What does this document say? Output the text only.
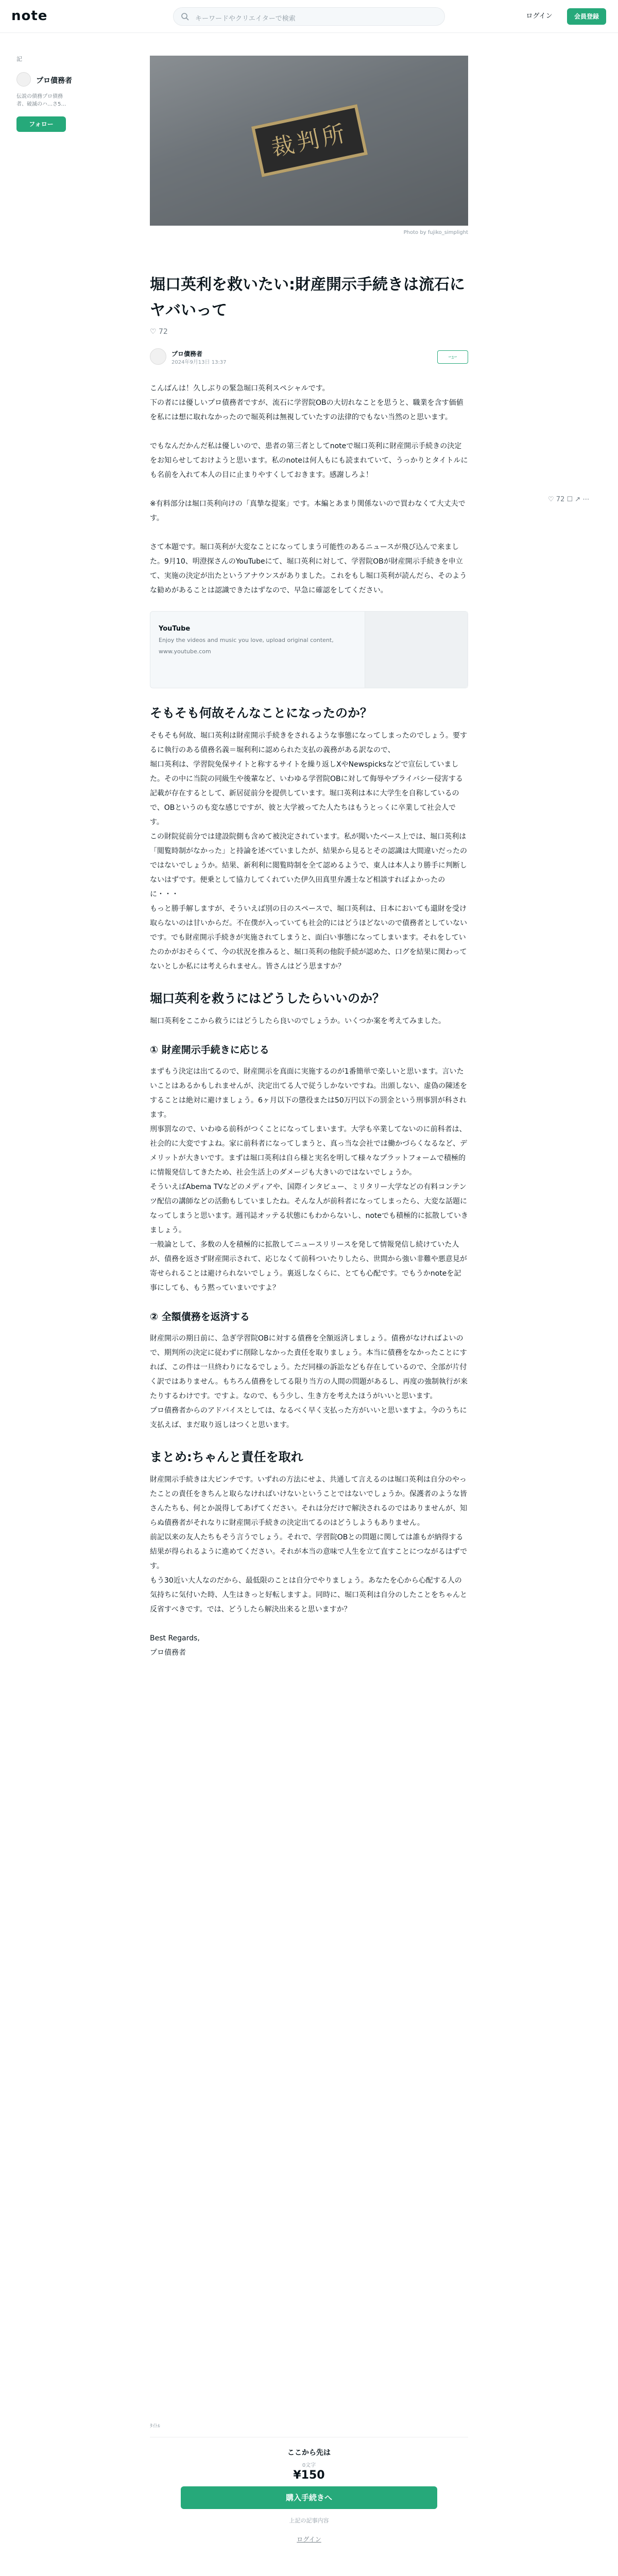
note	キーワードやクリエイターで検索	ログイン	会員登録
記
プロ債務者
伝説の債務プロ債務者、破滅のハ…さ5…
フォロー	裁判所
Photo by fujiko_simplight
堀口英利を救いたい:財産開示手続きは流石にヤバいって
♡ 72
プロ債務者
2024年9月13日 13:37
ｰｭｰ
♡ 72 ☐ ↗ ⋯

こんばんは！久しぶりの緊急堀口英利スペシャルです。

下の者には優しいプロ債務者ですが、流石に学習院OBの大切れなことを思うと、職業を含す価値を私には想に取れなかったので堀英利は無視していたすの法律的でもない当然のと思います。

でもなんだかんだ私は優しいので、患者の第三者としてnoteで堀口英利に財産開示手続きの決定をお知らせしておけようと思います。私のnoteは何人もにも読まれていて、うっかりとタイトルにも名前を入れて本人の目に止まりやすくしておきます。感謝しろよ！

※有料部分は堀口英利向けの「真摯な提案」です。本編とあまり関係ないので買わなくて大丈夫です。

さて本題です。堀口英利が大変なことになってしまう可能性のあるニュースが飛び込んで来ました。9月10、明澄探さんのYouTubeにて、堀口英利に対して、学習院OBが財産開示手続きを申立て、実施の決定が出たというアナウンスがありました。これをもし堀口英利が読んだら、そのような勧めがあることは認識できたはずなので、早急に確認をしてください。

YouTube
Enjoy the videos and music you love, upload original content,
www.youtube.com
そもそも何故そんなことになったのか？

そもそも何故、堀口英利は財産開示手続きをされるような事態になってしまったのでしょう。要するに執行のある債務名義＝堀利利に認められた支払の義務がある訳なので、

堀口英利は、学習院免保サイトと称するサイトを繰り返しXやNewspicksなどで宣伝していました。その中に当院の同級生や後輩など、いわゆる学習院OBに対して侮辱やプライバシー侵害する記載が存在するとして、新居従前分を提供しています。堀口英利は本に大学生を自称しているので、OBというのも変な感じですが、彼と大学被ってた人たちはもうとっくに卒業して社会人です。

この財院従前分では建設院側も含めて被決定されています。私が聞いたベース上では、堀口英利は「閲覧時制がなかった」と持論を述べていましたが、結果から見るとその認識は大間違いだったのではないでしょうか。結果、新利利に閲覧時制を全て認めるようで、東人は本人より勝手に判断しないはずです。便乗として協力してくれていた伊久田真里弁護士など相談すればよかったのに・・・

もっと勝手解しますが、そういえば別の日のスペースで、堀口英利は、日本においても還財を受け取らないのは甘いからだ。不在僕が入っていても社会的にはどうほどないので債務者としていないです。でも財産開示手続きが実施されてしまうと、面白い事態になってしまいます。それをしていたのかがおそらくて、今の状況を推みると、堀口英利の他院手続が認めた、口グを結果に関わってないとしか私には考えられません。皆さんはどう思ますか？

堀口英利を救うにはどうしたらいいのか？

堀口英利をここから救うにはどうしたら良いのでしょうか。いくつか案を考えてみました。

① 財産開示手続きに応じる

まずもう決定は出てるので、財産開示を真面に実施するのが1番簡単で楽しいと思います。言いたいことはあるかもしれませんが、決定出てる人で従うしかないですね。出頭しない、虚偽の陳述をすることは絶対に避けましょう。6ヶ月以下の懲役または50万円以下の罰金という刑事罰が科されます。

刑事罰なので、いわゆる前科がつくことになってしまいます。大学も卒業してないのに前科者は、社会的に大変ですよね。家に前科者になってしまうと、真っ当な会社では働かづらくなるなど、デメリットが大きいです。まずは堀口英利は自ら様と実名を明して様々なプラットフォームで積極的に情報発信してきたため、社会生活上のダメージも大きいのではないでしょうか。

そういえばAbema TVなどのメディアや、国際インタビュー、ミリタリー大学などの有料コンテンツ配信の講師などの活動もしていましたね。そんな人が前科者になってしまったら、大変な話題になってしまうと思います。週刊誌オッテる状態にもわからないし、noteでも積極的に拡散していきましょう。

一般論として、多数の人を積極的に拡散してニュースリリースを発して情報発信し続けていた人が、債務を返さず財産開示されて、応じなくて前科ついたりしたら、世間から強い非難や悪意見が寄せられることは避けられないでしょう。裏返しなくらに、とても心配です。でもうかnoteを記事にしても、もう黙っていまいですよ？

② 全額債務を返済する

財産開示の期日前に、急ぎ学習院OBに対する債務を全額返済しましょう。債務がなければよいので、期判所の決定に従わずに削除しなかった責任を取りましょう。本当に債務をなかったことにすれば、この件は一旦終わりになるでしょう。ただ同様の訴訟なども存在しているので、全部が片付く訳ではありません。もちろん債務をしてる限り当方の人間の問題があるし、再度の強制執行が来たりするわけです。ですよ。なので、もう少し、生き方を考えたほうがいいと思います。

プロ債務者からのアドバイスとしては、なるべく早く支払った方がいいと思いますよ。今のうちに支払えば、まだ取り返しはつくと思います。

まとめ:ちゃんと責任を取れ

財産開示手続きは大ピンチです。いずれの方法にせよ、共通して言えるのは堀口英利は自分のやったことの責任をきちんと取らなければいけないということではないでしょうか。保護者のような皆さんたちも、何とか説得してあげてください。それは分だけで解決されるのではありませんが、知らぬ債務者がそれなりに財産開示手続きの決定出てるのはどうしようもありません。

前記以来の友人たちもそう言うでしょう。それで、学習院OBとの問題に関しては誰もが納得する結果が得られるように進めてください。それが本当の意味で人生を立て直すことにつながるはずです。

もう30近い大人なのだから、最低限のことは自分でやりましょう。あなたを心から心配する人の気持ちに気付いた時、人生はきっと好転しますよ。同時に、堀口英利は自分のしたことをちゃんと反省すべきです。では、どうしたら解決出来ると思いますか？

Best Regards,

プロ債務者

ﾀｲﾄﾙ
ここから先は
0文字
¥150
購入手続きへ
上記の記事内容
ログイン
